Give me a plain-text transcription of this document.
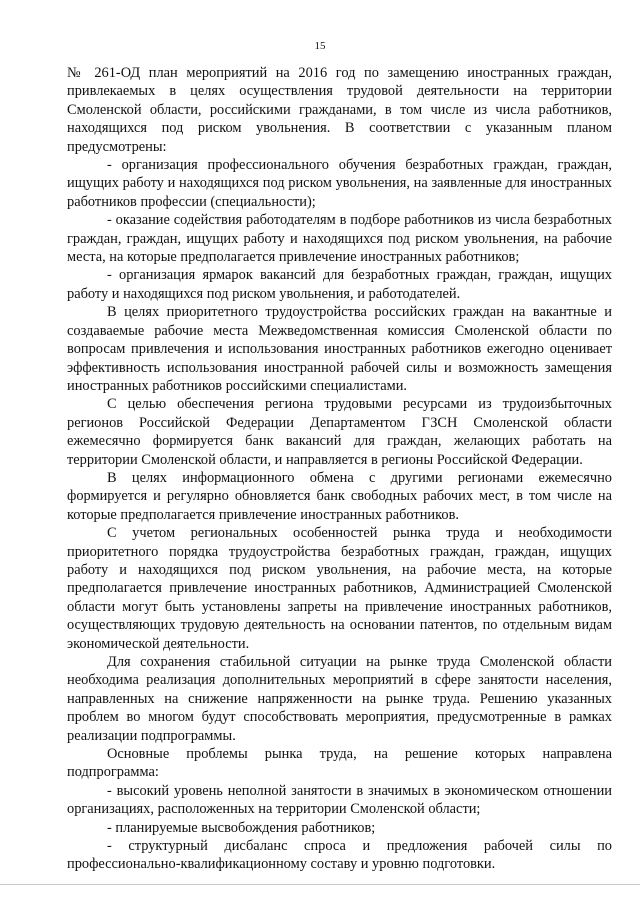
15

№ 261-ОД план мероприятий на 2016 год по замещению иностранных граждан, привлекаемых в целях осуществления трудовой деятельности на территории Смоленской области, российскими гражданами, в том числе из числа работников, находящихся под риском увольнения. В соответствии с указанным планом предусмотрены:

- организация профессионального обучения безработных граждан, граждан, ищущих работу и находящихся под риском увольнения, на заявленные для иностранных работников профессии (специальности);

- оказание содействия работодателям в подборе работников из числа безработных граждан, граждан, ищущих работу и находящихся под риском увольнения, на рабочие места, на которые предполагается привлечение иностранных работников;

- организация ярмарок вакансий для безработных граждан, граждан, ищущих работу и находящихся под риском увольнения, и работодателей.

В целях приоритетного трудоустройства российских граждан на вакантные и создаваемые рабочие места Межведомственная комиссия Смоленской области по вопросам привлечения и использования иностранных работников ежегодно оценивает эффективность использования иностранной рабочей силы и возможность замещения иностранных работников российскими специалистами.

С целью обеспечения региона трудовыми ресурсами из трудоизбыточных регионов Российской Федерации Департаментом ГЗСН Смоленской области ежемесячно формируется банк вакансий для граждан, желающих работать на территории Смоленской области, и направляется в регионы Российской Федерации.

В целях информационного обмена с другими регионами ежемесячно формируется и регулярно обновляется банк свободных рабочих мест, в том числе на которые предполагается привлечение иностранных работников.

С учетом региональных особенностей рынка труда и необходимости приоритетного порядка трудоустройства безработных граждан, граждан, ищущих работу и находящихся под риском увольнения, на рабочие места, на которые предполагается привлечение иностранных работников, Администрацией Смоленской области могут быть установлены запреты на привлечение иностранных работников, осуществляющих трудовую деятельность на основании патентов, по отдельным видам экономической деятельности.

Для сохранения стабильной ситуации на рынке труда Смоленской области необходима реализация дополнительных мероприятий в сфере занятости населения, направленных на снижение напряженности на рынке труда. Решению указанных проблем во многом будут способствовать мероприятия, предусмотренные в рамках реализации подпрограммы.

Основные проблемы рынка труда, на решение которых направлена подпрограмма:

- высокий уровень неполной занятости в значимых в экономическом отношении организациях, расположенных на территории Смоленской области;

- планируемые высвобождения работников;

- структурный дисбаланс спроса и предложения рабочей силы по профессионально-квалификационному составу и уровню подготовки.
